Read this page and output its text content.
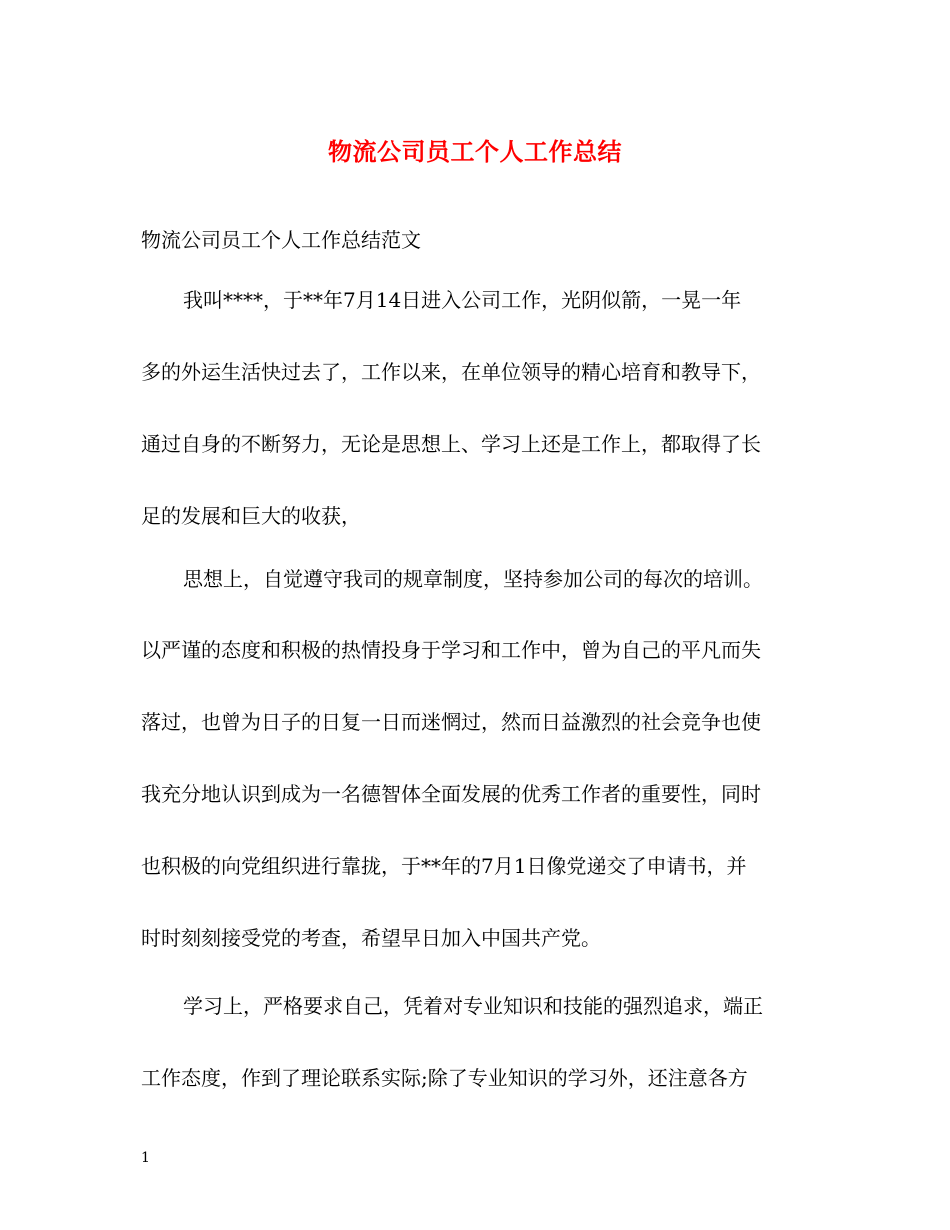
物流公司员工个人工作总结
物流公司员工个人工作总结范文
我叫****，于**年7月14日进入公司工作，光阴似箭，一晃一年
多的外运生活快过去了，工作以来，在单位领导的精心培育和教导下，
通过自身的不断努力，无论是思想上、学习上还是工作上，都取得了长
足的发展和巨大的收获，
思想上，自觉遵守我司的规章制度，坚持参加公司的每次的培训。
以严谨的态度和积极的热情投身于学习和工作中，曾为自己的平凡而失
落过，也曾为日子的日复一日而迷惘过，然而日益激烈的社会竞争也使
我充分地认识到成为一名德智体全面发展的优秀工作者的重要性，同时
也积极的向党组织进行靠拢，于**年的7月1日像党递交了申请书，并
时时刻刻接受党的考查，希望早日加入中国共产党。
学习上，严格要求自己，凭着对专业知识和技能的强烈追求，端正
工作态度，作到了理论联系实际;除了专业知识的学习外，还注意各方
1
